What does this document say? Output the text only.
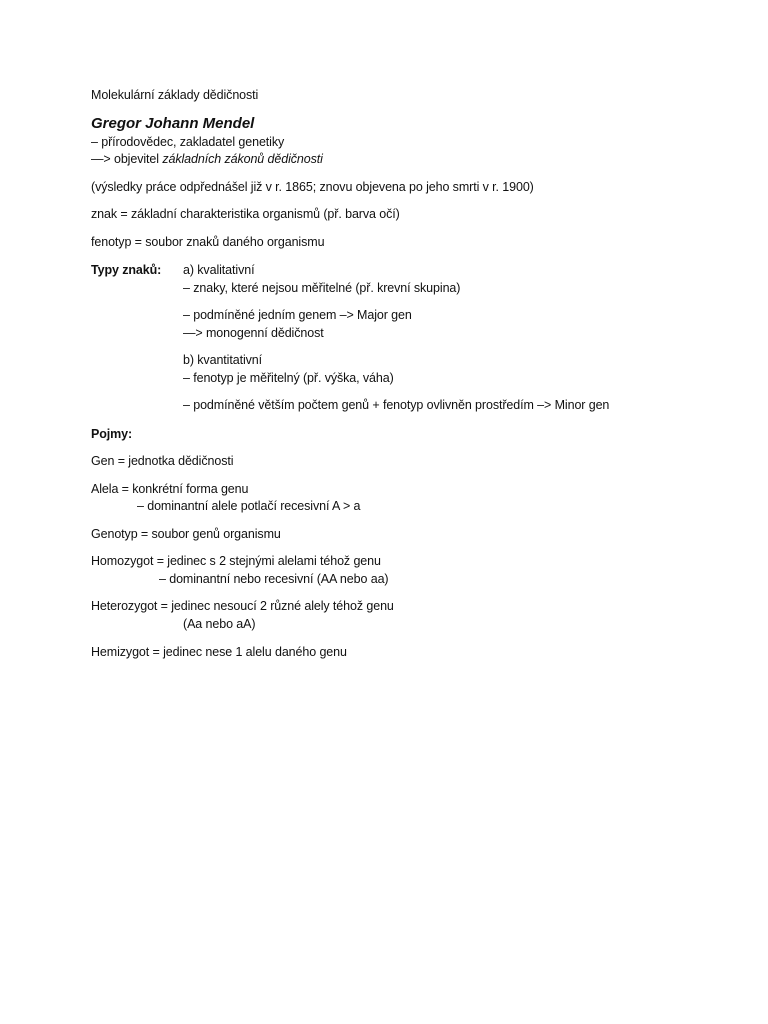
Molekulární základy dědičnosti
Gregor Johann Mendel
– přírodovědec, zakladatel genetiky
—> objevitel základních zákonů dědičnosti
(výsledky práce odpřednášel již v r. 1865; znovu objevena po jeho smrti v r. 1900)
znak = základní charakteristika organismů (př. barva očí)
fenotyp = soubor znaků daného organismu
Typy znaků: a) kvalitativní
– znaky, které nejsou měřitelné (př. krevní skupina)
– podmíněné jedním genem –> Major gen
—> monogenní dědičnost
b) kvantitativní
– fenotyp je měřitelný (př. výška, váha)
– podmíněné větším počtem genů + fenotyp ovlivněn prostředím –> Minor gen
Pojmy:
Gen = jednotka dědičnosti
Alela = konkrétní forma genu
– dominantní alele potlačí recesivní A > a
Genotyp = soubor genů organismu
Homozygot = jedinec s 2 stejnými alelami téhož genu
– dominantní nebo recesivní (AA nebo aa)
Heterozygot = jedinec nesoucí 2 různé alely téhož genu
(Aa nebo aA)
Hemizygot = jedinec nese 1 alelu daného genu
